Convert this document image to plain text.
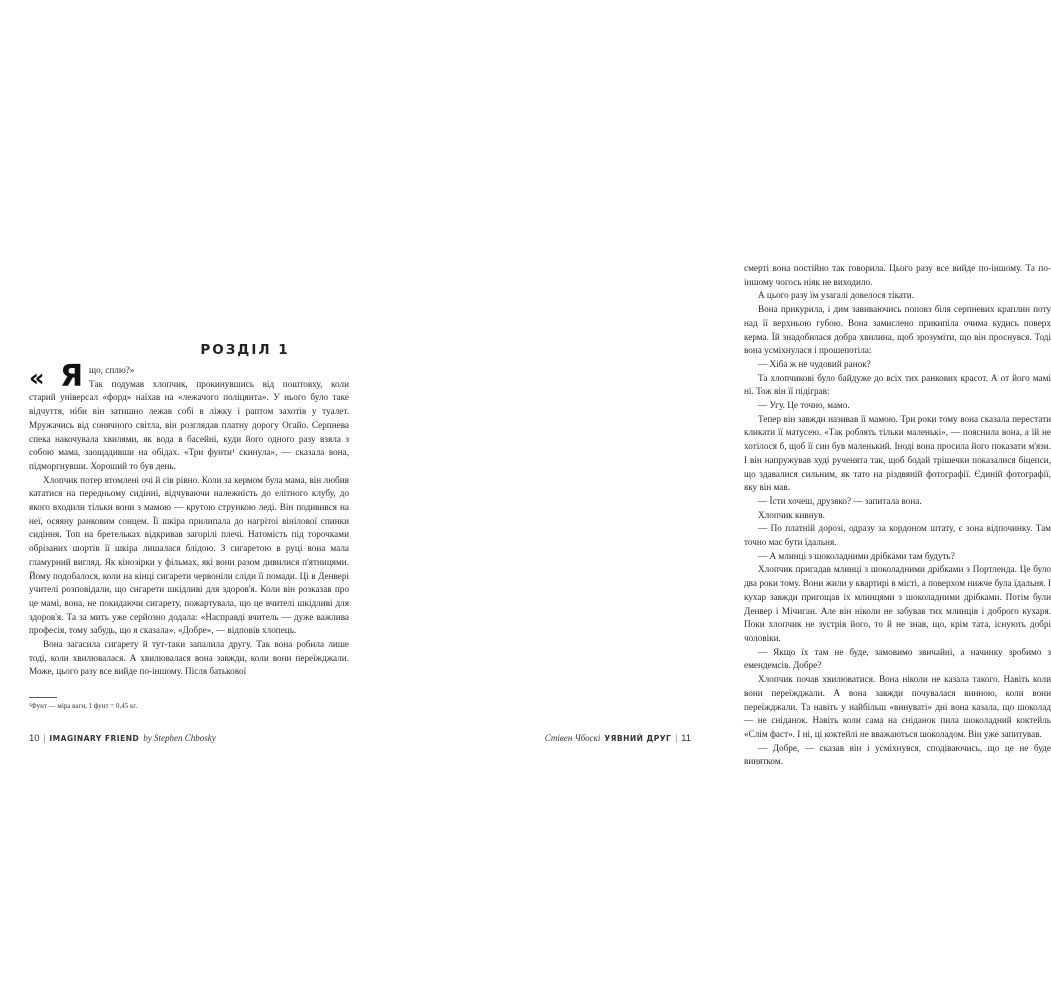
РОЗДІЛ 1
« Я що, сплю?»
Так подумав хлопчик, прокинувшись від поштовху, коли

старий універсал «форд» наїхав на «лежачого поліцянта». У нього було таке відчуття, ніби він затишно лежав собі в ліжку і раптом захотів у туалет. Мружачись від сонячного світла, він розглядав платну дорогу Огайо. Серпнева спека накочувала хвилями, як вода в басейні, куди його одного разу взяла з собою мама, заощадивши на обідах. «Три фунти¹ скинула», — сказала вона, підморгнувши. Хороший то був день.

Хлопчик потер втомлені очі й сів рівно. Коли за кермом була мама, він любив кататися на передньому сидінні, відчуваючи належність до елітного клубу, до якого входили тільки вони з мамою — крутою стрункою леді. Він подивився на неї, осяяну ранковим сонцем. Її шкіра прилипала до нагрітої вінілової спинки сидіння. Топ на бретельках відкривав загорілі плечі. Натомість під торочками обрізаних шортів її шкіра лишалася блідою. З сигаретою в руці вона мала гламурний вигляд. Як кінозірки у фільмах, які вони разом дивилися п'ятницями. Йому подобалося, коли на кінці сигарети червоніли сліди її помади. Ці в Денвері учителі розповідали, що сигарети шкідливі для здоров'я. Коли він розказав про це мамі, вона, не покидаючи сигарету, пожартувала, що це вчителі шкідливі для здоров'я. Та за мить уже серйозно додала: «Насправді вчитель — дуже важлива професія, тому забудь, що я сказала». «Добре», — відповів хлопець.

Вона загасила сигарету й тут-таки запалила другу. Так вона робила лише тоді, коли хвилювалася. А хвилювалася вона завжди, коли вони переїжджали. Може, цього разу все вийде по-іншому. Після батькової

¹Фунт — міра ваги, 1 фунт = 0,45 кг.
10 | IMAGINARY FRIEND by Stephen Chbosky

смерті вона постійно так говорила. Цього разу все вийде по-іншому. Та по-іншому чогось ніяк не виходило.

А цього разу їм узагалі довелося тікати.

Вона прикурила, і дим завиваючись поповз біля серпневих краплин поту над її верхньою губою. Вона замислено прикипіла очима кудись поверх керма. Їй знадобилася добра хвилина, щоб зрозуміти, що він проснувся. Тоді вона усміхнулася і прошепотіла:

— Хіба ж не чудовий ранок?

Та хлопчикові було байдуже до всіх тих ранкових красот. А от його мамі ні. Тож він її підіграв:

— Угу. Це точно, мамо.

Тепер він завжди називав її мамою. Три роки тому вона сказала перестати кликати її матусею. «Так роблять тільки маленькі», — пояснила вона, а їй не хотілося б, щоб її син був маленький. Іноді вона просила його показати м'язи. І він напружував худі рученята так, щоб бодай трішечки показалися біцепси, що здавалися сильним, як тато на різдвяній фотографії. Єдиній фотографії, яку він мав.

— Їсти хочеш, друзяко? — запитала вона.

Хлопчик кивнув.

— По платній дорозі, одразу за кордоном штату, є зона відпочинку. Там точно має бути їдальня.

— А млинці з шоколадними дрібками там будуть?

Хлопчик пригадав млинці з шоколадними дрібками з Портленда. Це було два роки тому. Вони жили у квартирі в місті, а поверхом нижче була їдальня. І кухар завжди пригощав їх млинцями з шоколадними дрібками. Потім були Денвер і Мічиган. Але він ніколи не забував тих млинців і доброго кухаря. Поки хлопчик не зустрів його, то й не знав, що, крім тата, існують добрі чоловіки.

— Якщо їх там не буде, замовимо звичайні, а начинку зробимо з емендемсів. Добре?

Хлопчик почав хвилюватися. Вона ніколи не казала такого. Навіть коли вони переїжджали. А вона завжди почувалася винною, коли вони переїжджали. Та навіть у найбільш «винуваті» дні вона казала, що шоколад — не сніданок. Навіть коли сама на сніданок пила шоколадний коктейль «Слім фаст». І ні, ці коктейлі не вважаються шоколадом. Він уже запитував.

— Добре, — сказав він і усміхнувся, сподіваючись, що це не буде винятком.

Стівен Чбоскі УЯВНИЙ ДРУГ | 11
